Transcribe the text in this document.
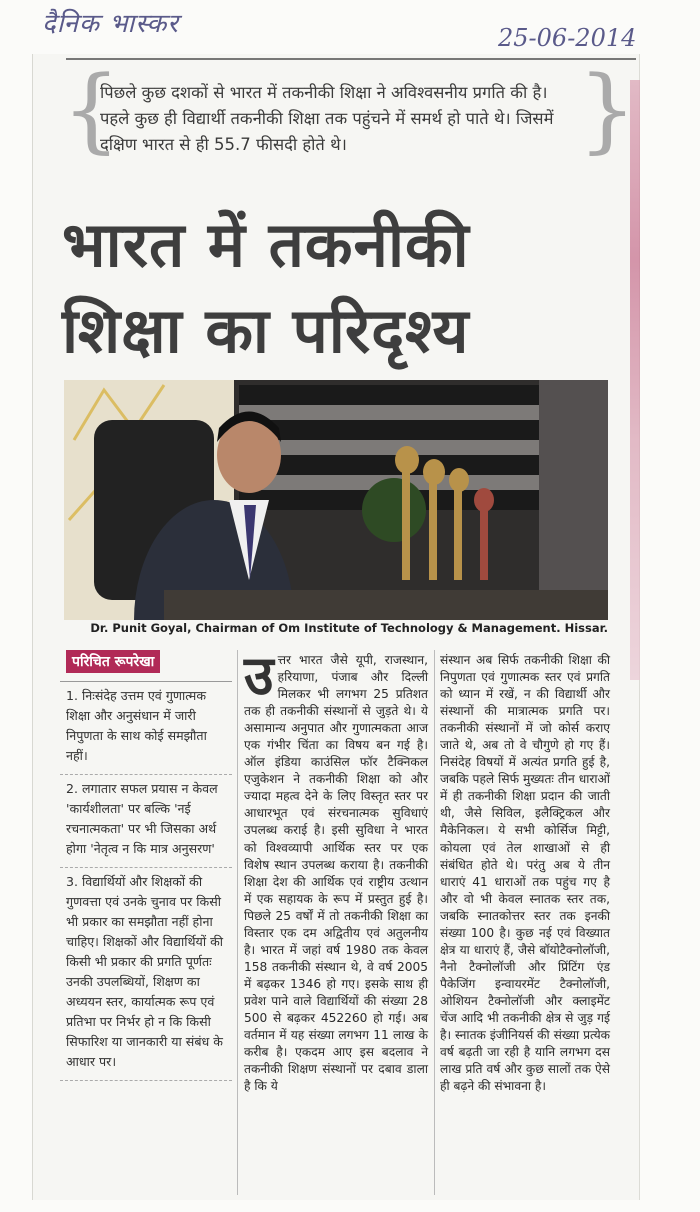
दैनिक भास्कर	25-06-2014
{	}
पिछले कुछ दशकों से भारत में तकनीकी शिक्षा ने अविश्वसनीय प्रगति की है। पहले कुछ ही विद्यार्थी तकनीकी शिक्षा तक पहुंचने में समर्थ हो पाते थे। जिसमें दक्षिण भारत से ही 55.7 फीसदी होते थे।
भारत में तकनीकी
शिक्षा का परिदृश्य
Dr. Punit Goyal, Chairman of Om Institute of Technology & Management. Hissar.
परिचित रूपरेखा
1. निःसंदेह उत्तम एवं गुणात्मक शिक्षा और अनुसंधान में जारी निपुणता के साथ कोई समझौता नहीं।
2. लगातार सफल प्रयास न केवल 'कार्यशीलता' पर बल्कि 'नई रचनात्मकता' पर भी जिसका अर्थ होगा 'नेतृत्व न कि मात्र अनुसरण'
3. विद्यार्थियों और शिक्षकों की गुणवत्ता एवं उनके चुनाव पर किसी भी प्रकार का समझौता नहीं होना चाहिए। शिक्षकों और विद्यार्थियों की किसी भी प्रकार की प्रगति पूर्णतः उनकी उपलब्धियों, शिक्षण का अध्ययन स्तर, कार्यात्मक रूप एवं प्रतिभा पर निर्भर हो न कि किसी सिफारिश या जानकारी या संबंध के आधार पर।
उ त्तर भारत जैसे यूपी, राजस्थान, हरियाणा, पंजाब और दिल्ली मिलकर भी लगभग 25 प्रतिशत तक ही तकनीकी संस्थानों से जुड़ते थे। ये असामान्य अनुपात और गुणात्मकता आज एक गंभीर चिंता का विषय बन गई है। ऑल इंडिया काउंसिल फॉर टैक्निकल एजुकेशन ने तकनीकी शिक्षा को और ज्यादा महत्व देने के लिए विस्तृत स्तर पर आधारभूत एवं संरचनात्मक सुविधाएं उपलब्ध कराई है। इसी सुविधा ने भारत को विश्वव्यापी आर्थिक स्तर पर एक विशेष स्थान उपलब्ध कराया है। तकनीकी शिक्षा देश की आर्थिक एवं राष्ट्रीय उत्थान में एक सहायक के रूप में प्रस्तुत हुई है। पिछले 25 वर्षों में तो तकनीकी शिक्षा का विस्तार एक दम अद्वितीय एवं अतुलनीय है। भारत में जहां वर्ष 1980 तक केवल 158 तकनीकी संस्थान थे, वे वर्ष 2005 में बढ़कर 1346 हो गए। इसके साथ ही प्रवेश पाने वाले विद्यार्थियों की संख्या 28 500 से बढ़कर 452260 हो गई। अब वर्तमान में यह संख्या लगभग 11 लाख के करीब है। एकदम आए इस बदलाव ने तकनीकी शिक्षण संस्थानों पर दबाव डाला है कि ये
संस्थान अब सिर्फ तकनीकी शिक्षा की निपुणता एवं गुणात्मक स्तर एवं प्रगति को ध्यान में रखें, न की विद्यार्थी और संस्थानों की मात्रात्मक प्रगति पर। तकनीकी संस्थानों में जो कोर्स कराए जाते थे, अब तो वे चौगुणे हो गए हैं। निसंदेह विषयों में अत्यंत प्रगति हुई है, जबकि पहले सिर्फ मुख्यतः तीन धाराओं में ही तकनीकी शिक्षा प्रदान की जाती थी, जैसे सिविल, इलैक्ट्रिकल और मैकेनिकल। ये सभी कोर्सिज मिट्टी, कोयला एवं तेल शाखाओं से ही संबंधित होते थे। परंतु अब ये तीन धाराएं 41 धाराओं तक पहुंच गए है और वो भी केवल स्नातक स्तर तक, जबकि स्नातकोत्तर स्तर तक इनकी संख्या 100 है। कुछ नई एवं विख्यात क्षेत्र या धाराएं हैं, जैसे बॉयोटैक्नोलॉजी, नैनो टैक्नोलॉजी और प्रिंटिंग एंड पैकेजिंग इन्वायरमेंट टैक्नोलॉजी, ओशियन टैक्नोलॉजी और क्लाइमेंट चेंज आदि भी तकनीकी क्षेत्र से जुड़ गई है। स्नातक इंजीनियर्स की संख्या प्रत्येक वर्ष बढ़ती जा रही है यानि लगभग दस लाख प्रति वर्ष और कुछ सालों तक ऐसे ही बढ़ने की संभावना है।
